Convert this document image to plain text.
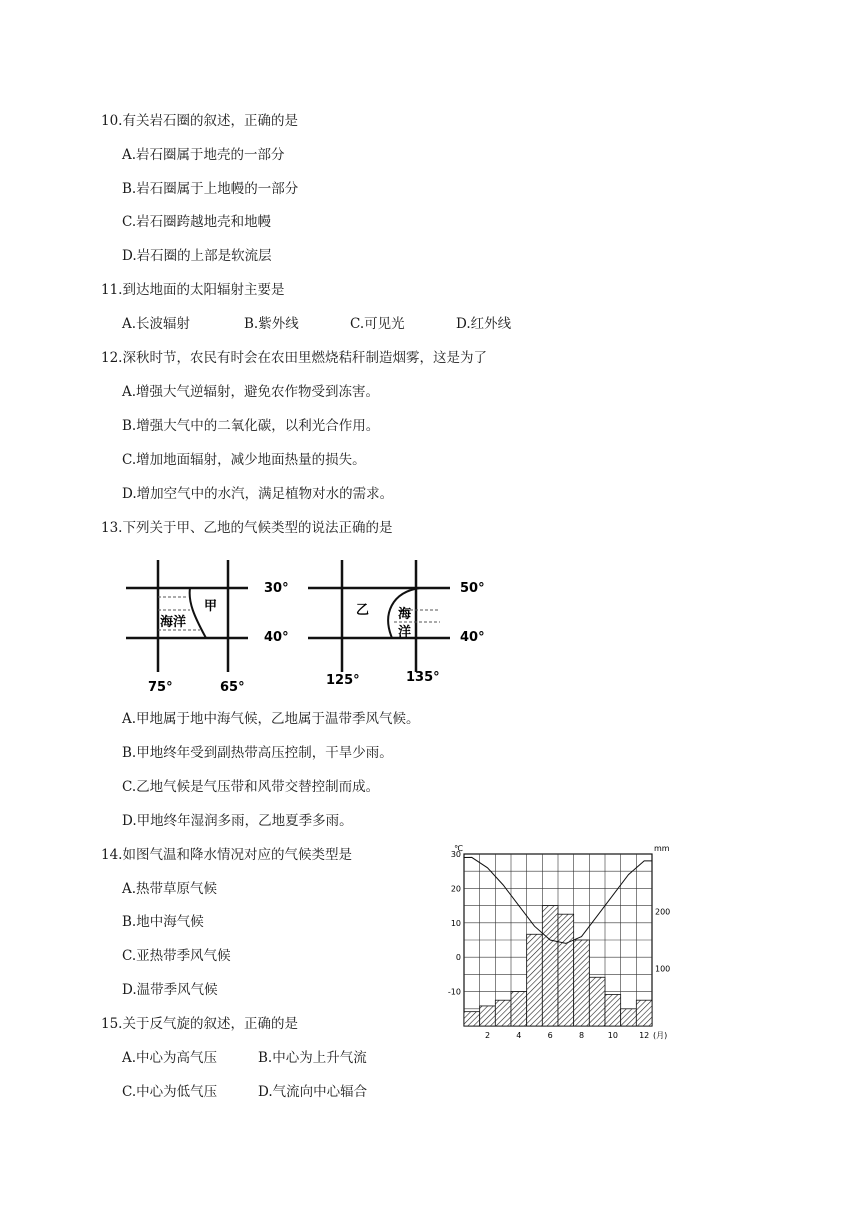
10.有关岩石圈的叙述，正确的是
A.岩石圈属于地壳的一部分
B.岩石圈属于上地幔的一部分
C.岩石圈跨越地壳和地幔
D.岩石圈的上部是软流层
11.到达地面的太阳辐射主要是
A.长波辐射	B.紫外线	C.可见光	D.红外线
12.深秋时节，农民有时会在农田里燃烧秸秆制造烟雾，这是为了
A.增强大气逆辐射，避免农作物受到冻害。
B.增强大气中的二氧化碳，以利光合作用。
C.增加地面辐射，减少地面热量的损失。
D.增加空气中的水汽，满足植物对水的需求。
13.下列关于甲、乙地的气候类型的说法正确的是
海洋
甲
30°
40°
75°	65°
乙 海
洋
50°
40°
125°	135°
A.甲地属于地中海气候，乙地属于温带季风气候。
B.甲地终年受到副热带高压控制，干旱少雨。
C.乙地气候是气压带和风带交替控制而成。
D.甲地终年湿润多雨，乙地夏季多雨。
14.如图气温和降水情况对应的气候类型是
A.热带草原气候
B.地中海气候
C.亚热带季风气候
D.温带季风气候
30
20
10
0
-10
200
100
2	4	6	8	10	12
℃	mm
(月)
15.关于反气旋的叙述，正确的是
A.中心为高气压	B.中心为上升气流
C.中心为低气压	D.气流向中心辐合
